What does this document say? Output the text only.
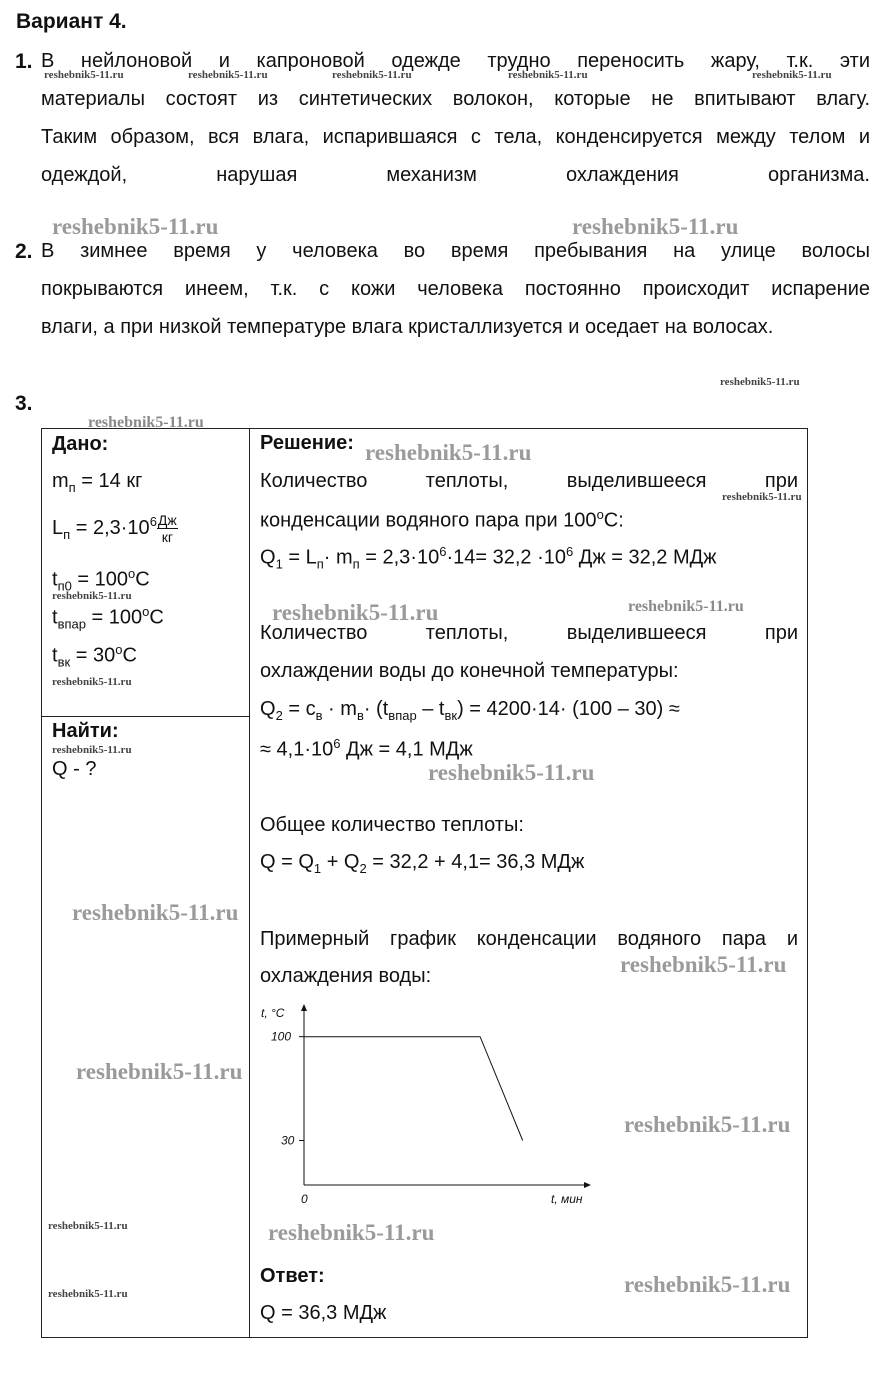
Вариант 4.
1. В нейлоновой и капроновой одежде трудно переносить жару, т.к. эти
материалы состоят из синтетических волокон, которые не впитывают влагу.
Таким образом, вся влага, испарившаяся с тела, конденсируется между телом и
одеждой, нарушая механизм охлаждения организма.
2. В зимнее время у человека во время пребывания на улице волосы
покрываются инеем, т.к. с кожи человека постоянно происходит испарение
влаги, а при низкой температуре влага кристаллизуется и оседает на волосах.
3.
Дано:
$m_п = 14$ кг
$L_п = 2,3\cdot 10^6 \frac{Дж}{кг}$
$t_{п0} = 100^oC$
$t_{впар} = 100^oC$
$t_{вк} = 30^oC$
Найти:
Q - ?
Решение:
Количество теплоты, выделившееся при
конденсации водяного пара при 100$^o$С:
$Q_1 = L_п\cdot m_п = 2,3\cdot 10^6\cdot 14= 32,2 \cdot 10^6$ Дж = 32,2 МДж
Количество теплоты, выделившееся при
охлаждении воды до конечной температуры:
$Q_2 = c_в \cdot m_в\cdot (t_{впар} - t_{вк}) = 4200\cdot 14\cdot (100 - 30)$ ≈
≈ $4,1\cdot 10^6$ Дж = 4,1 МДж
Общее количество теплоты:
$Q = Q_1 + Q_2 = 32,2 + 4,1= 36,3$ МДж
Примерный график конденсации водяного пара и
охлаждения воды:
t, °C
t, мин
0
100
30
Ответ:
Q = 36,3 МДж
reshebnik5-11.ru	reshebnik5-11.ru	reshebnik5-11.ru	reshebnik5-11.ru	reshebnik5-11.ru
reshebnik5-11.ru	reshebnik5-11.ru
reshebnik5-11.ru
reshebnik5-11.ru
reshebnik5-11.ru
reshebnik5-11.ru
reshebnik5-11.ru
reshebnik5-11.ru	reshebnik5-11.ru
reshebnik5-11.ru
reshebnik5-11.ru
reshebnik5-11.ru
reshebnik5-11.ru
reshebnik5-11.ru
reshebnik5-11.ru
reshebnik5-11.ru
reshebnik5-11.ru	reshebnik5-11.ru
reshebnik5-11.ru
reshebnik5-11.ru
